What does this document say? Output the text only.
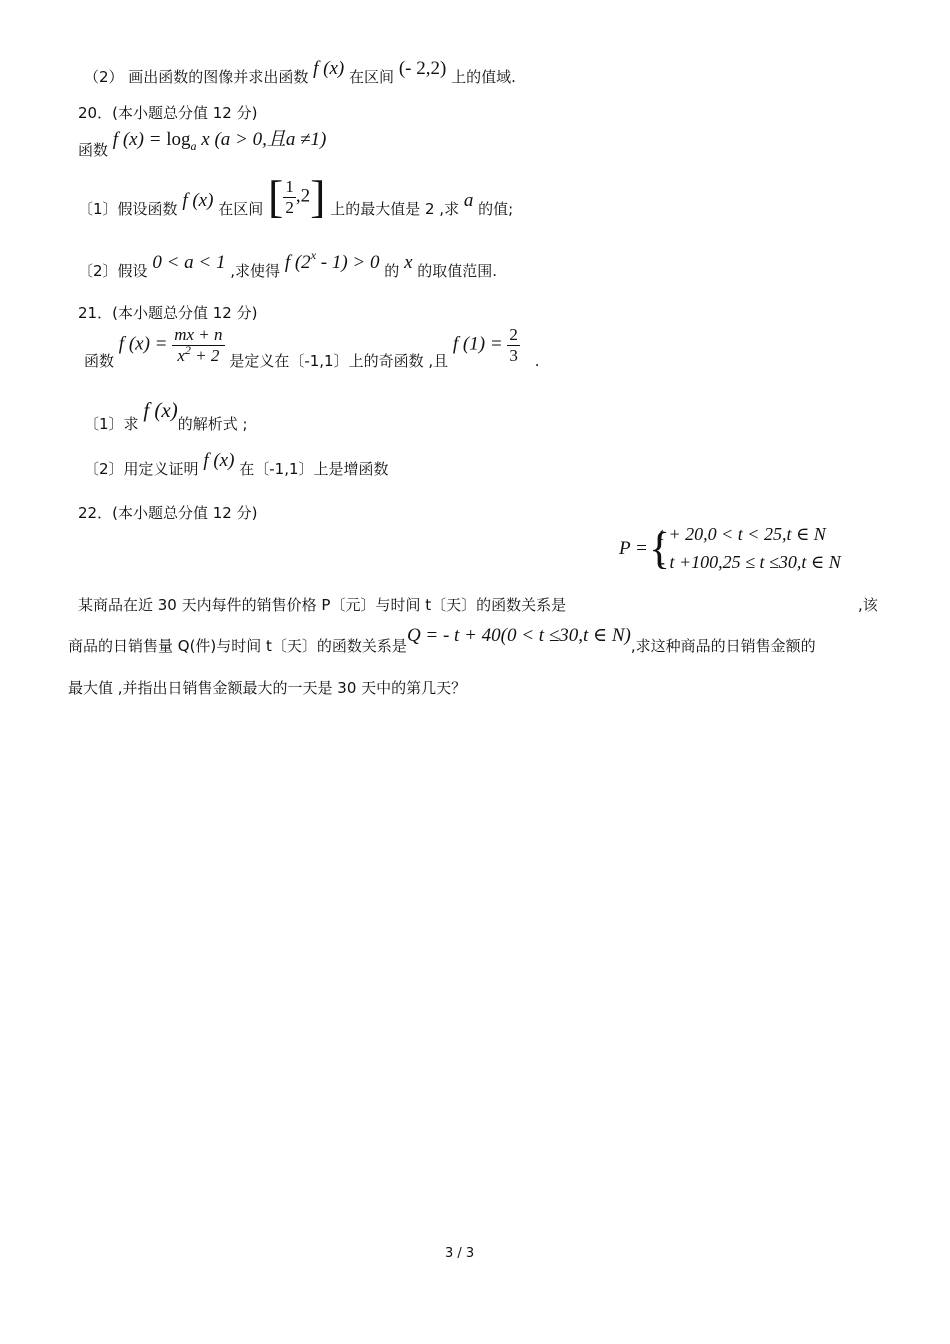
（2） 画出函数的图像并求出函数 f (x) 在区间 (- 2,2) 上的值域.
20．(本小题总分值 12 分)
函数 f $(x) = \log_a x$ (a > 0,且a ≠1)
〔1〕假设函数 f (x) 在区间 [ $\frac{1}{2} ,2$] 上的最大值是 2 ,求 a 的值;
〔2〕假设 0 < a < 1 ,求使得 f (2$^x$ - 1) > 0 的 x 的取值范围.
21．(本小题总分值 12 分)
函数 f $(x) = \frac{mx + n}{x^2 + 2}$ 是定义在〔-1,1〕上的奇函数 ,且 f $(1) = \frac{2}{3}$ .
〔1〕求 f (x)的解析式 ;
〔2〕用定义证明 f (x) 在〔-1,1〕上是增函数
22．(本小题总分值 12 分)
P = {
t + 20,0 < t < 25,t ∈ N
- t +100,25 ≤ t ≤30,t ∈ N
某商品在近 30 天内每件的销售价格 P〔元〕与时间 t〔天〕的函数关系是	,该
商品的日销售量 Q(件)与时间 t〔天〕的函数关系是Q = - t + 40(0 < t ≤30,t ∈ N),求这种商品的日销售金额的
最大值 ,并指出日销售金额最大的一天是 30 天中的第几天？
3 / 3
